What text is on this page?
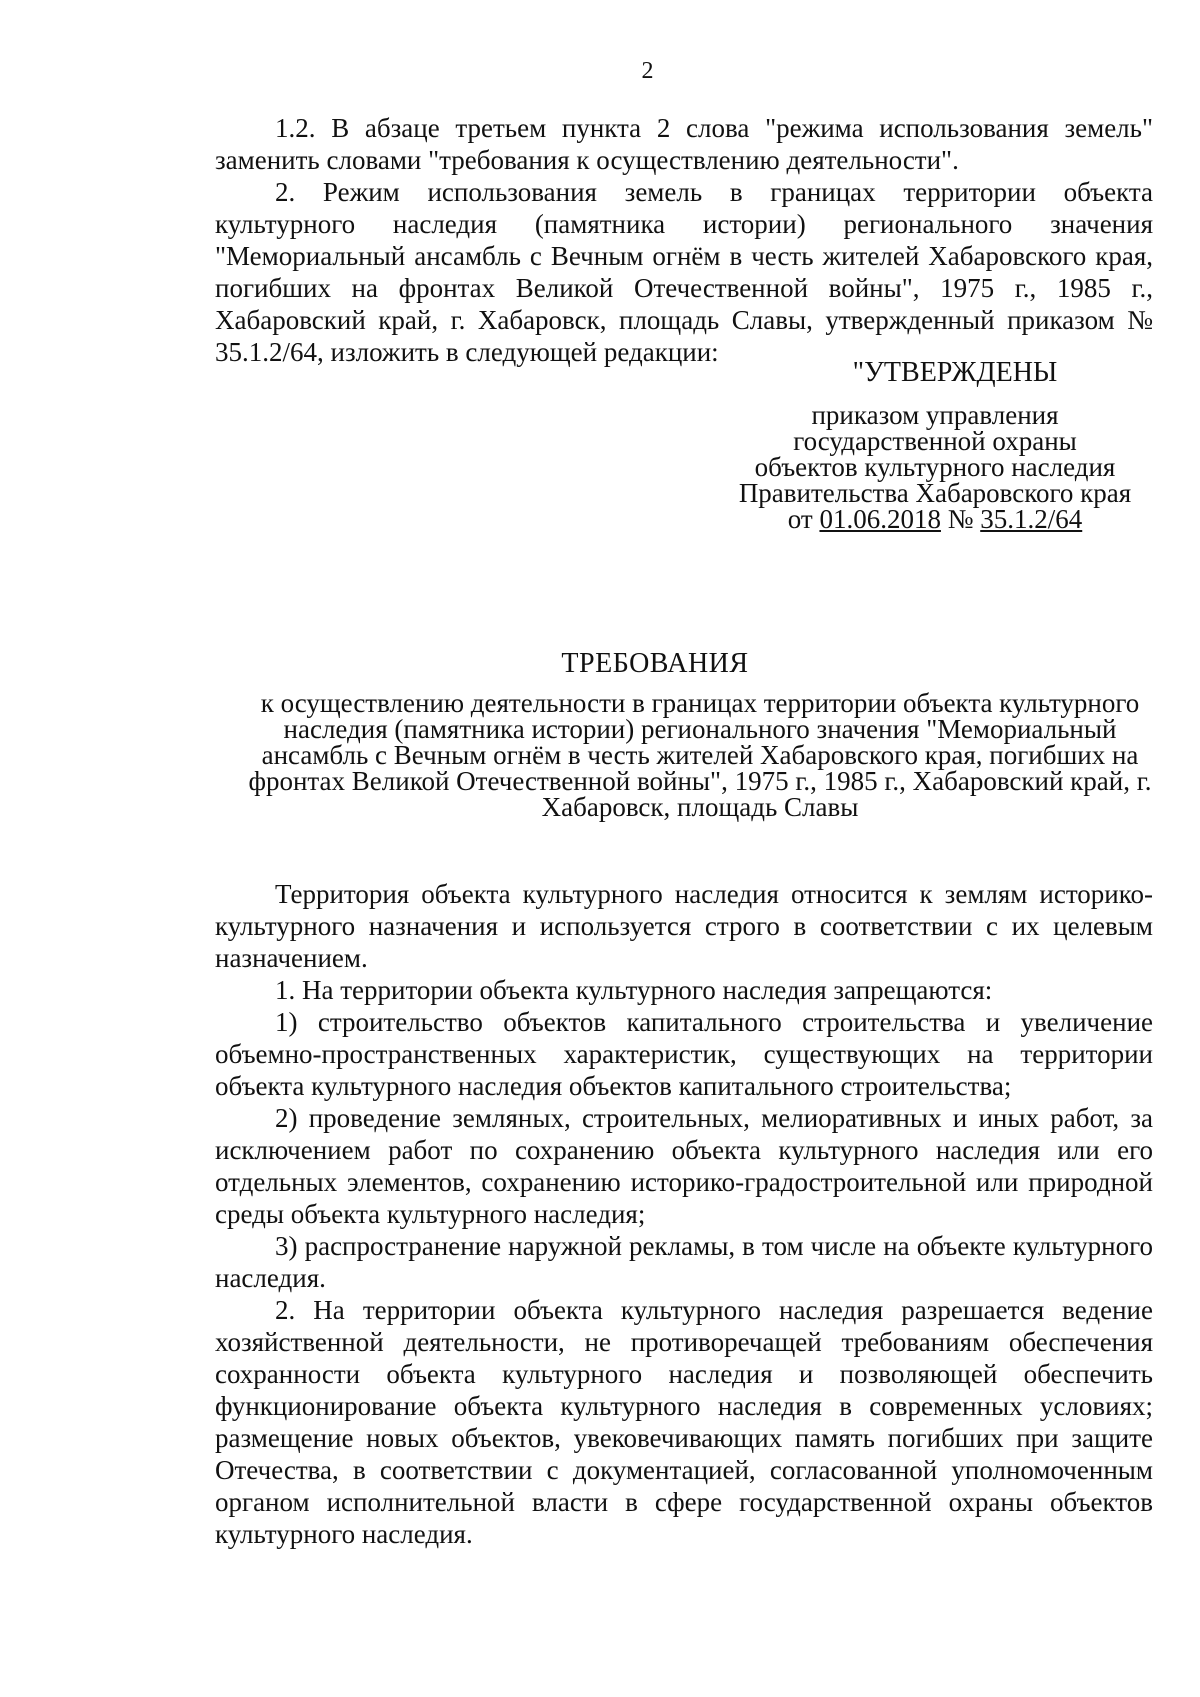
2

1.2. В абзаце третьем пункта 2 слова "режима использования земель" заменить словами "требования к осуществлению деятельности".

2. Режим использования земель в границах территории объекта культурного наследия (памятника истории) регионального значения "Мемориальный ансамбль с Вечным огнём в честь жителей Хабаровского края, погибших на фронтах Великой Отечественной войны", 1975 г., 1985 г., Хабаровский край, г. Хабаровск, площадь Славы, утвержденный приказом № 35.1.2/64, изложить в следующей редакции:

"УТВЕРЖДЕНЫ
приказом управления
государственной охраны
объектов культурного наследия
Правительства Хабаровского края
от 01.06.2018 № 35.1.2/64
ТРЕБОВАНИЯ
к осуществлению деятельности в границах территории объекта культурного наследия (памятника истории) регионального значения "Мемориальный ансамбль с Вечным огнём в честь жителей Хабаровского края, погибших на фронтах Великой Отечественной войны", 1975 г., 1985 г., Хабаровский край, г. Хабаровск, площадь Славы

Территория объекта культурного наследия относится к землям историко-культурного назначения и используется строго в соответствии с их целевым назначением.

1. На территории объекта культурного наследия запрещаются:

1) строительство объектов капитального строительства и увеличение объемно-пространственных характеристик, существующих на территории объекта культурного наследия объектов капитального строительства;

2) проведение земляных, строительных, мелиоративных и иных работ, за исключением работ по сохранению объекта культурного наследия или его отдельных элементов, сохранению историко-градостроительной или природной среды объекта культурного наследия;

3) распространение наружной рекламы, в том числе на объекте культурного наследия.

2. На территории объекта культурного наследия разрешается ведение хозяйственной деятельности, не противоречащей требованиям обеспечения сохранности объекта культурного наследия и позволяющей обеспечить функционирование объекта культурного наследия в современных условиях; размещение новых объектов, увековечивающих память погибших при защите Отечества, в соответствии с документацией, согласованной уполномоченным органом исполнительной власти в сфере государственной охраны объектов культурного наследия.
